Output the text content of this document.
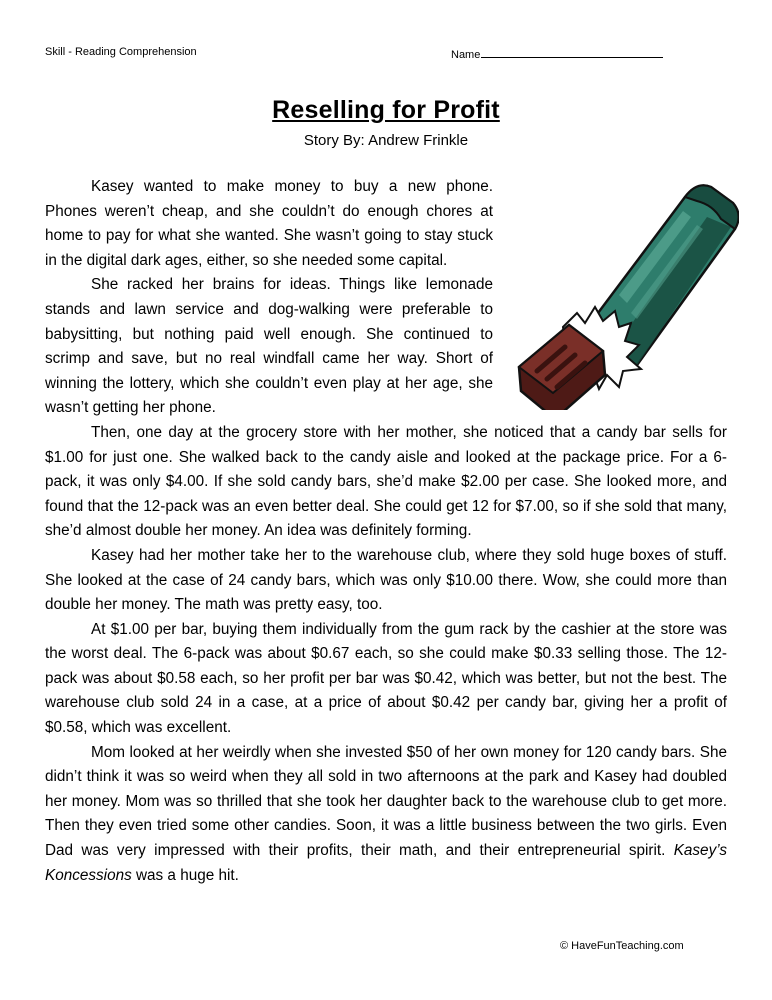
Skill - Reading Comprehension	Name
Reselling for Profit
Story By: Andrew Frinkle

Kasey wanted to make money to buy a new phone. Phones weren’t cheap, and she couldn’t do enough chores at home to pay for what she wanted. She wasn’t going to stay stuck in the digital dark ages, either, so she needed some capital.

She racked her brains for ideas. Things like lemonade stands and lawn service and dog-walking were preferable to babysitting, but nothing paid well enough. She continued to scrimp and save, but no real windfall came her way. Short of winning the lottery, which she couldn’t even play at her age, she wasn’t getting her phone.

Then, one day at the grocery store with her mother, she noticed that a candy bar sells for $1.00 for just one. She walked back to the candy aisle and looked at the package price. For a 6-pack, it was only $4.00. If she sold candy bars, she’d make $2.00 per case. She looked more, and found that the 12-pack was an even better deal. She could get 12 for $7.00, so if she sold that many, she’d almost double her money. An idea was definitely forming.

Kasey had her mother take her to the warehouse club, where they sold huge boxes of stuff. She looked at the case of 24 candy bars, which was only $10.00 there. Wow, she could more than double her money. The math was pretty easy, too.

At $1.00 per bar, buying them individually from the gum rack by the cashier at the store was the worst deal. The 6-pack was about $0.67 each, so she could make $0.33 selling those. The 12-pack was about $0.58 each, so her profit per bar was $0.42, which was better, but not the best. The warehouse club sold 24 in a case, at a price of about $0.42 per candy bar, giving her a profit of $0.58, which was excellent.

Mom looked at her weirdly when she invested $50 of her own money for 120 candy bars. She didn’t think it was so weird when they all sold in two afternoons at the park and Kasey had doubled her money. Mom was so thrilled that she took her daughter back to the warehouse club to get more. Then they even tried some other candies. Soon, it was a little business between the two girls. Even Dad was very impressed with their profits, their math, and their entrepreneurial spirit. Kasey’s Koncessions was a huge hit.

© HaveFunTeaching.com
